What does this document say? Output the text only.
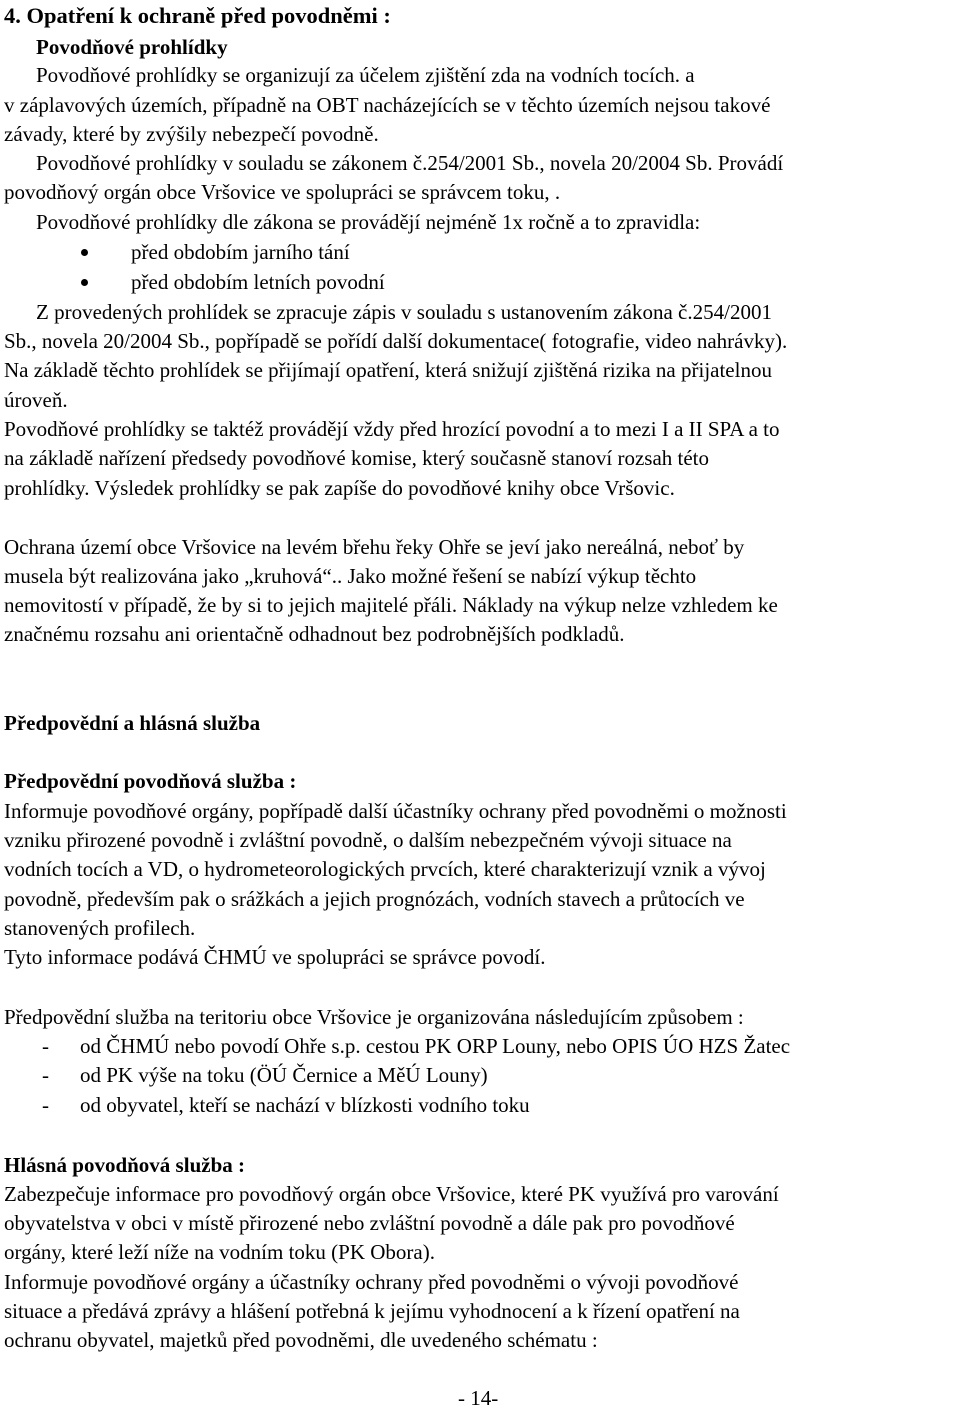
4. Opatření k ochraně před povodněmi :
Povodňové prohlídky
Povodňové prohlídky se organizují za účelem zjištění zda na vodních tocích. a
v záplavových územích, případně na OBT nacházejících se v těchto územích nejsou takové
závady, které by zvýšily nebezpečí povodně.
Povodňové prohlídky v souladu se zákonem č.254/2001 Sb., novela 20/2004 Sb. Provádí
povodňový orgán obce Vršovice ve spolupráci se správcem toku, .
Povodňové prohlídky dle zákona se provádějí nejméně 1x ročně a to zpravidla:
před obdobím jarního tání
před obdobím letních povodní
Z provedených prohlídek se zpracuje zápis v souladu s ustanovením zákona č.254/2001
Sb., novela 20/2004 Sb., popřípadě se pořídí další dokumentace( fotografie, video nahrávky).
Na základě těchto prohlídek se přijímají opatření, která snižují zjištěná rizika na přijatelnou
úroveň.
Povodňové prohlídky se taktéž provádějí vždy před hrozící povodní a to mezi I a II SPA a to
na základě nařízení předsedy povodňové komise, který současně stanoví rozsah této
prohlídky. Výsledek prohlídky se pak zapíše do povodňové knihy obce Vršovic.
Ochrana území obce Vršovice na levém břehu řeky Ohře se jeví jako nereálná, neboť by
musela být realizována jako „kruhová“.. Jako možné řešení se nabízí výkup těchto
nemovitostí v případě, že by si to jejich majitelé přáli. Náklady na výkup nelze vzhledem ke
značnému rozsahu ani orientačně odhadnout bez podrobnějších podkladů.
Předpovědní a hlásná služba
Předpovědní povodňová služba :
Informuje povodňové orgány, popřípadě další účastníky ochrany před povodněmi o možnosti
vzniku přirozené povodně i zvláštní povodně, o dalším nebezpečném vývoji situace na
vodních tocích a VD, o hydrometeorologických prvcích, které charakterizují vznik a vývoj
povodně, především pak o srážkách a jejich prognózách, vodních stavech a průtocích ve
stanovených profilech.
Tyto informace podává ČHMÚ ve spolupráci se správce povodí.
Předpovědní služba na teritoriu obce Vršovice je organizována následujícím způsobem :
- od ČHMÚ nebo povodí Ohře s.p. cestou PK ORP Louny, nebo OPIS ÚO HZS Žatec
- od PK výše na toku (ÖÚ Černice a MěÚ Louny)
- od obyvatel, kteří se nachází v blízkosti vodního toku
Hlásná povodňová služba :
Zabezpečuje informace pro povodňový orgán obce Vršovice, které PK využívá pro varování
obyvatelstva v obci v místě přirozené nebo zvláštní povodně a dále pak pro povodňové
orgány, které leží níže na vodním toku (PK Obora).
Informuje povodňové orgány a účastníky ochrany před povodněmi o vývoji povodňové
situace a předává zprávy a hlášení potřebná k jejímu vyhodnocení a k řízení opatření na
ochranu obyvatel, majetků před povodněmi, dle uvedeného schématu :
- 14-
